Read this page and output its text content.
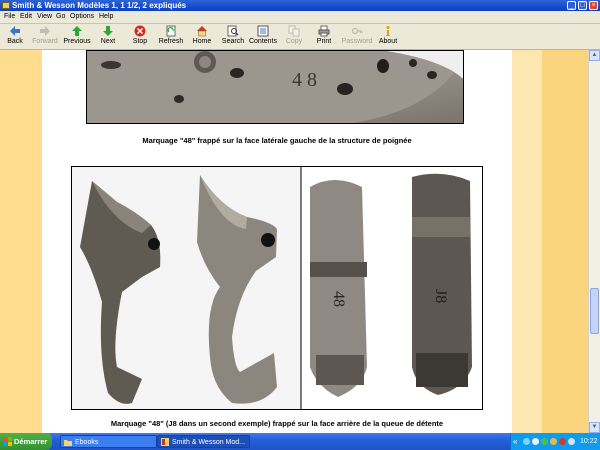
Smith & Wesson Modèles 1, 1 1/2, 2 expliqués	_ □ ×
File Edit View Go Options Help
Back	Forward Previous	Next	Stop	Refresh	Home	Search Contents	Copy	Print	Password About
4 8
Marquage "48" frappé sur la face latérale gauche de la structure de poignée
48	J8
Marquage "48" (J8 dans un second exemple) frappé sur la face arrière de la queue de détente
▲
▼
Démarrer	Ebooks	Smith & Wesson Mod...	«	10:22
